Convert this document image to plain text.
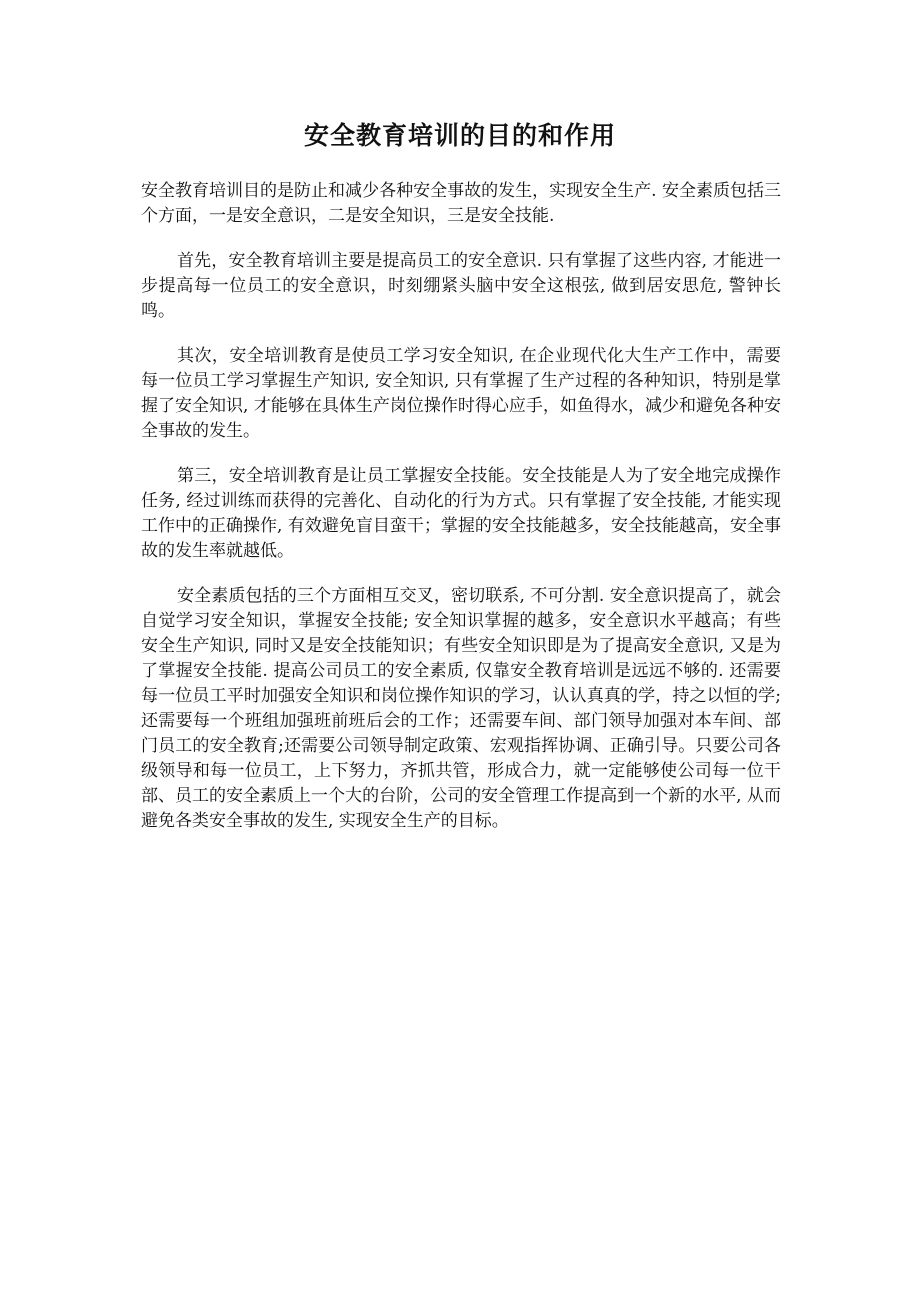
安全教育培训的目的和作用

安全教育培训目的是防止和减少各种安全事故的发生，实现安全生产. 安全素质包括三个方面，一是安全意识，二是安全知识，三是安全技能.

首先，安全教育培训主要是提高员工的安全意识. 只有掌握了这些内容, 才能进一步提高每一位员工的安全意识，时刻绷紧头脑中安全这根弦, 做到居安思危, 警钟长鸣。

其次，安全培训教育是使员工学习安全知识, 在企业现代化大生产工作中，需要每一位员工学习掌握生产知识, 安全知识, 只有掌握了生产过程的各种知识，特别是掌握了安全知识, 才能够在具体生产岗位操作时得心应手，如鱼得水，减少和避免各种安全事故的发生。

第三，安全培训教育是让员工掌握安全技能。安全技能是人为了安全地完成操作任务, 经过训练而获得的完善化、自动化的行为方式。只有掌握了安全技能, 才能实现工作中的正确操作, 有效避免盲目蛮干；掌握的安全技能越多，安全技能越高，安全事故的发生率就越低。

安全素质包括的三个方面相互交叉，密切联系, 不可分割. 安全意识提高了，就会自觉学习安全知识，掌握安全技能; 安全知识掌握的越多，安全意识水平越高；有些安全生产知识, 同时又是安全技能知识；有些安全知识即是为了提高安全意识, 又是为了掌握安全技能. 提高公司员工的安全素质, 仅靠安全教育培训是远远不够的. 还需要每一位员工平时加强安全知识和岗位操作知识的学习，认认真真的学，持之以恒的学;还需要每一个班组加强班前班后会的工作；还需要车间、部门领导加强对本车间、部门员工的安全教育;还需要公司领导制定政策、宏观指挥协调、正确引导。只要公司各级领导和每一位员工，上下努力，齐抓共管，形成合力，就一定能够使公司每一位干部、员工的安全素质上一个大的台阶，公司的安全管理工作提高到一个新的水平, 从而避免各类安全事故的发生, 实现安全生产的目标。
